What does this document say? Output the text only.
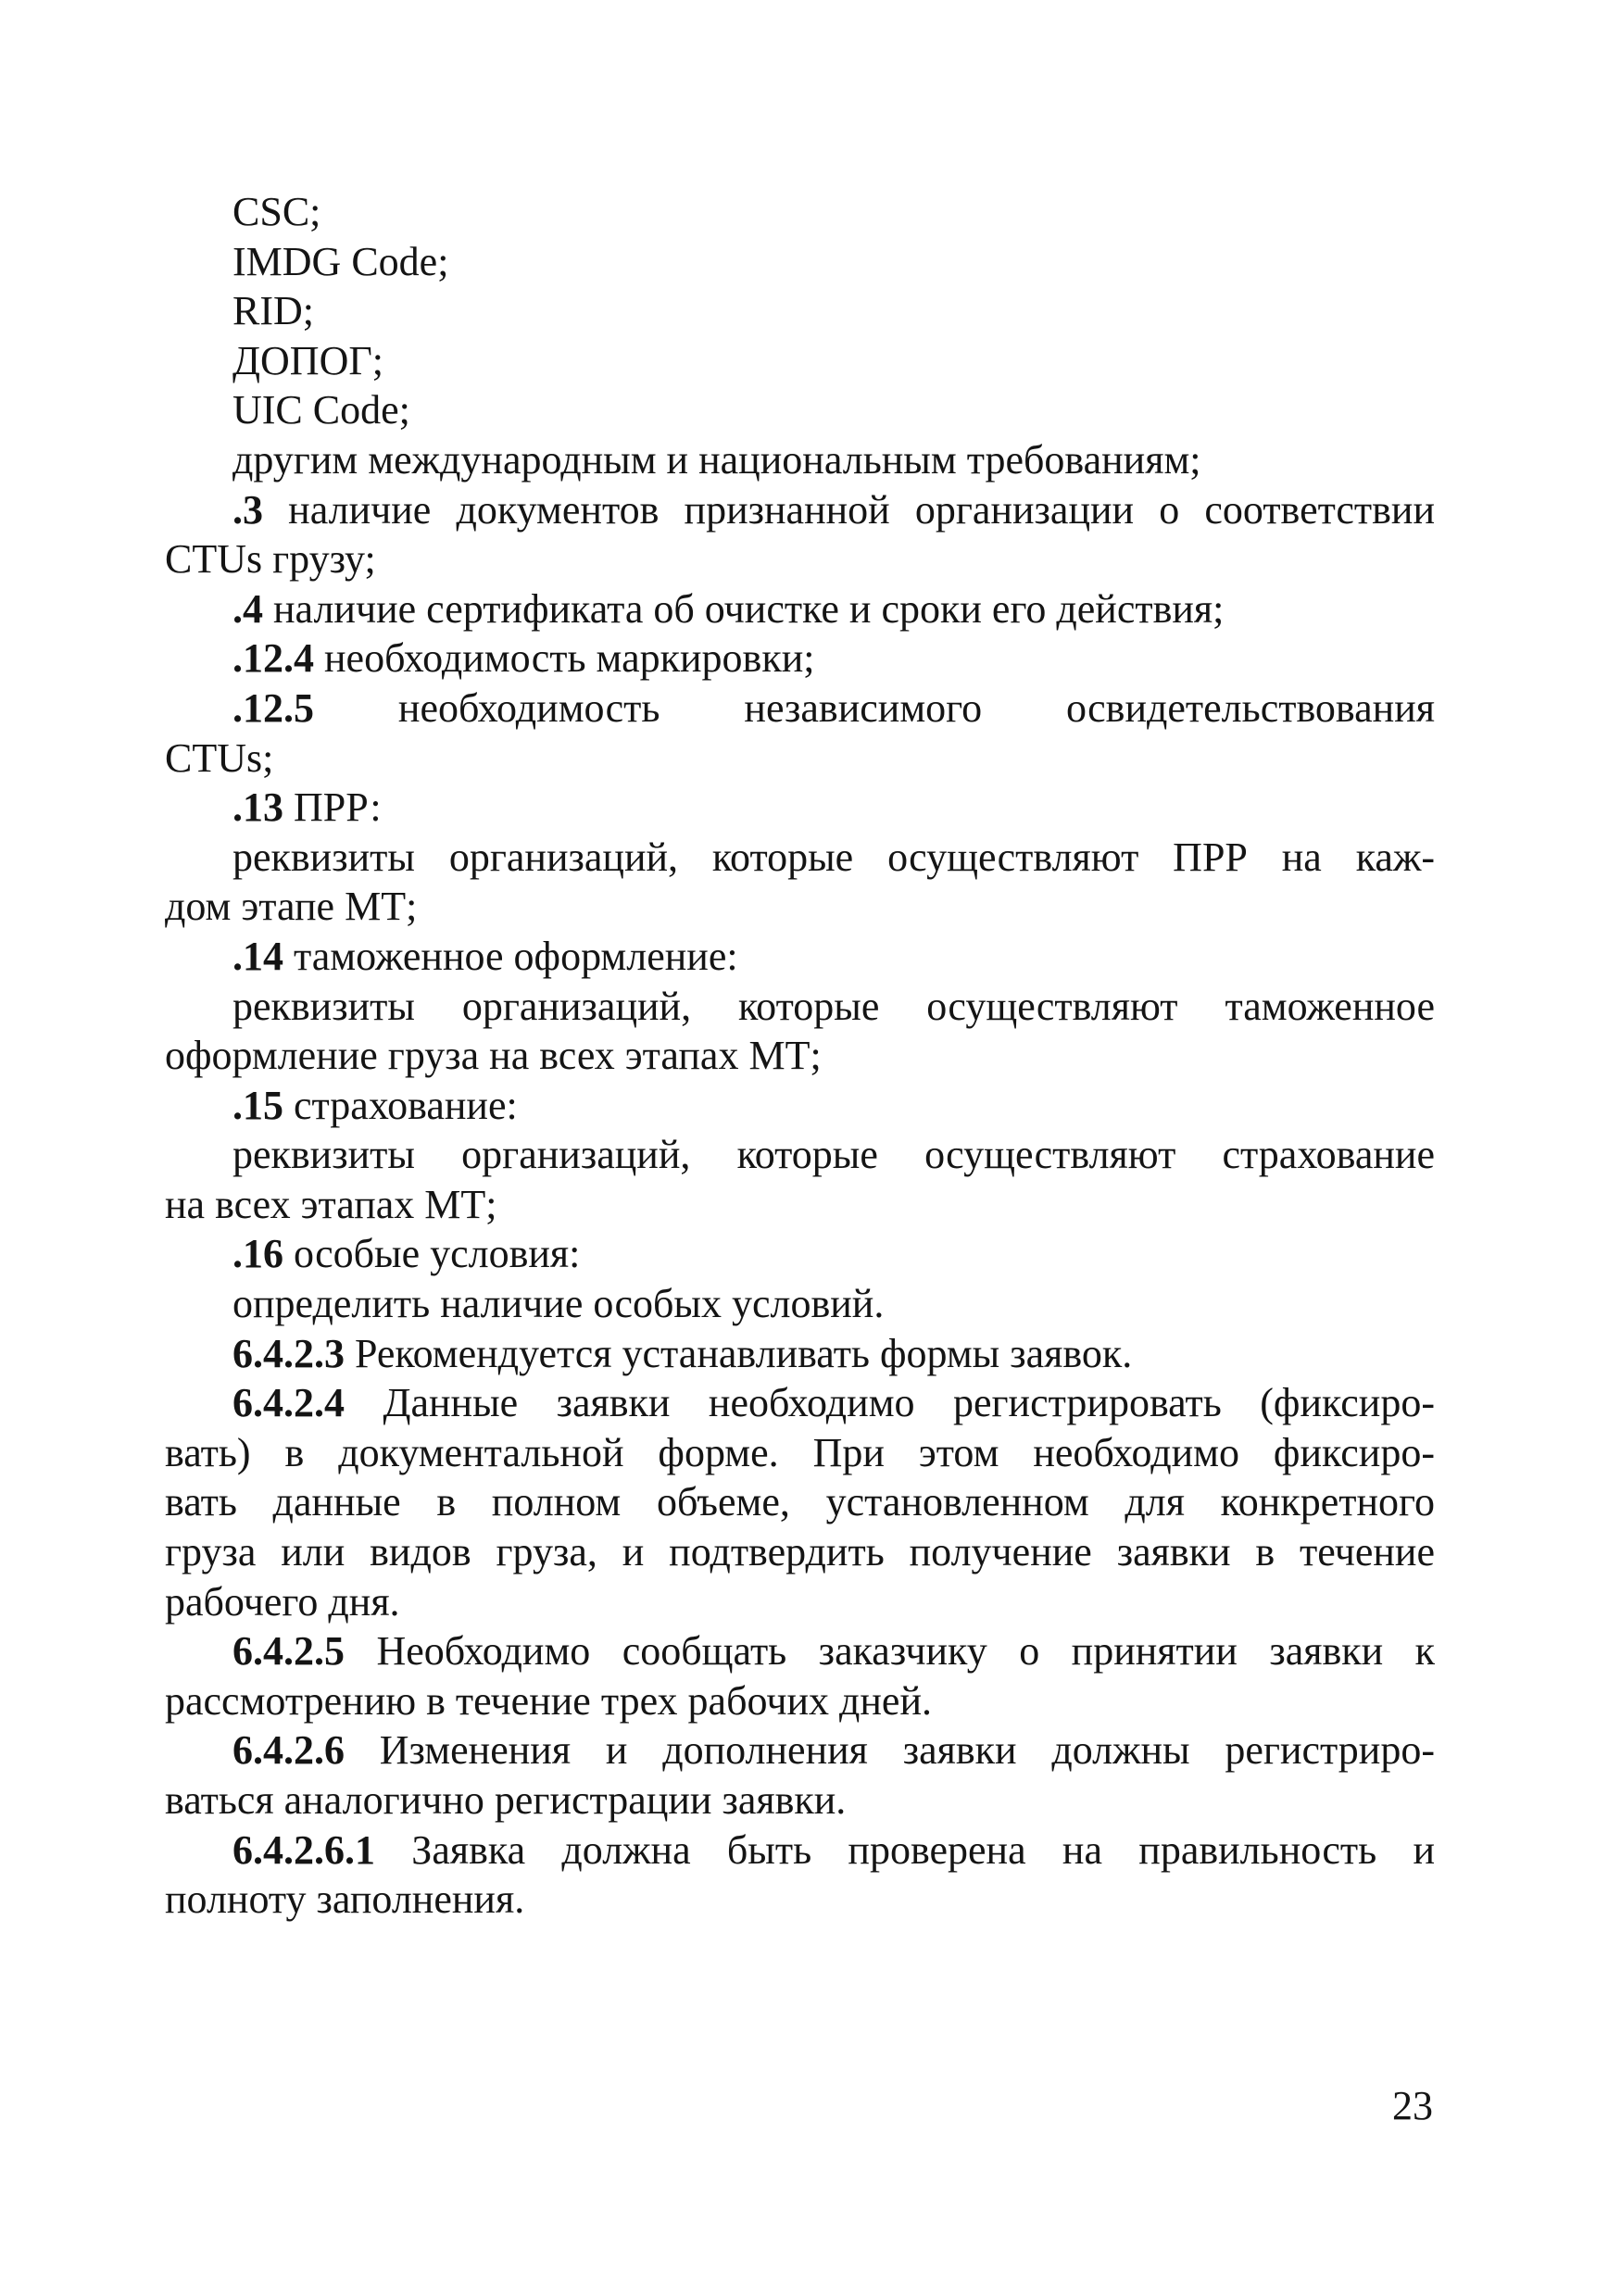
CSC;
IMDG Code;
RID;
ДОПОГ;
UIC Code;
другим международным и национальным требованиям;
.3 наличие документов признанной организации о соответствии
CTUs грузу;
.4 наличие сертификата об очистке и сроки его действия;
.12.4 необходимость маркировки;
.12.5 необходимость независимого освидетельствования
CTUs;
.13 ПРР:
реквизиты организаций, которые осуществляют ПРР на каж-
дом этапе МТ;
.14 таможенное оформление:
реквизиты организаций, которые осуществляют таможенное
оформление груза на всех этапах МТ;
.15 страхование:
реквизиты организаций, которые осуществляют страхование
на всех этапах МТ;
.16 особые условия:
определить наличие особых условий.
6.4.2.3 Рекомендуется устанавливать формы заявок.
6.4.2.4 Данные заявки необходимо регистрировать (фиксиро-
вать) в документальной форме. При этом необходимо фиксиро-
вать данные в полном объеме, установленном для конкретного
груза или видов груза, и подтвердить получение заявки в течение
рабочего дня.
6.4.2.5 Необходимо сообщать заказчику о принятии заявки к
рассмотрению в течение трех рабочих дней.
6.4.2.6 Изменения и дополнения заявки должны регистриро-
ваться аналогично регистрации заявки.
6.4.2.6.1 Заявка должна быть проверена на правильность и
полноту заполнения.
23
